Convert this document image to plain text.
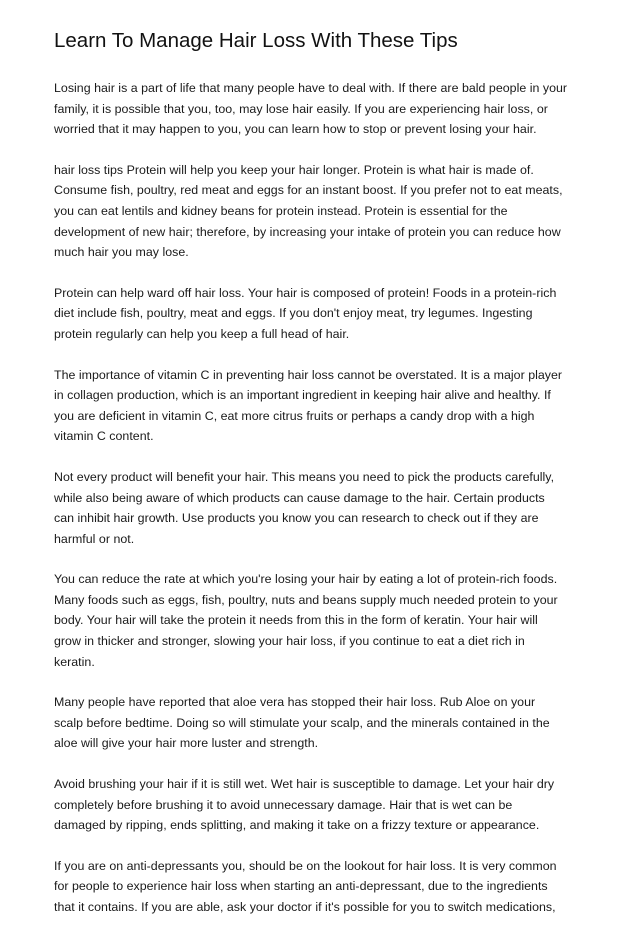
Learn To Manage Hair Loss With These Tips

Losing hair is a part of life that many people have to deal with. If there are bald people in your
family, it is possible that you, too, may lose hair easily. If you are experiencing hair loss, or
worried that it may happen to you, you can learn how to stop or prevent losing your hair.

hair loss tips Protein will help you keep your hair longer. Protein is what hair is made of.
Consume fish, poultry, red meat and eggs for an instant boost. If you prefer not to eat meats,
you can eat lentils and kidney beans for protein instead. Protein is essential for the
development of new hair; therefore, by increasing your intake of protein you can reduce how
much hair you may lose.

Protein can help ward off hair loss. Your hair is composed of protein! Foods in a protein-rich
diet include fish, poultry, meat and eggs. If you don't enjoy meat, try legumes. Ingesting
protein regularly can help you keep a full head of hair.

The importance of vitamin C in preventing hair loss cannot be overstated. It is a major player
in collagen production, which is an important ingredient in keeping hair alive and healthy. If
you are deficient in vitamin C, eat more citrus fruits or perhaps a candy drop with a high
vitamin C content.

Not every product will benefit your hair. This means you need to pick the products carefully,
while also being aware of which products can cause damage to the hair. Certain products
can inhibit hair growth. Use products you know you can research to check out if they are
harmful or not.

You can reduce the rate at which you're losing your hair by eating a lot of protein-rich foods.
Many foods such as eggs, fish, poultry, nuts and beans supply much needed protein to your
body. Your hair will take the protein it needs from this in the form of keratin. Your hair will
grow in thicker and stronger, slowing your hair loss, if you continue to eat a diet rich in
keratin.

Many people have reported that aloe vera has stopped their hair loss. Rub Aloe on your
scalp before bedtime. Doing so will stimulate your scalp, and the minerals contained in the
aloe will give your hair more luster and strength.

Avoid brushing your hair if it is still wet. Wet hair is susceptible to damage. Let your hair dry
completely before brushing it to avoid unnecessary damage. Hair that is wet can be
damaged by ripping, ends splitting, and making it take on a frizzy texture or appearance.

If you are on anti-depressants you, should be on the lookout for hair loss. It is very common
for people to experience hair loss when starting an anti-depressant, due to the ingredients
that it contains. If you are able, ask your doctor if it's possible for you to switch medications,
